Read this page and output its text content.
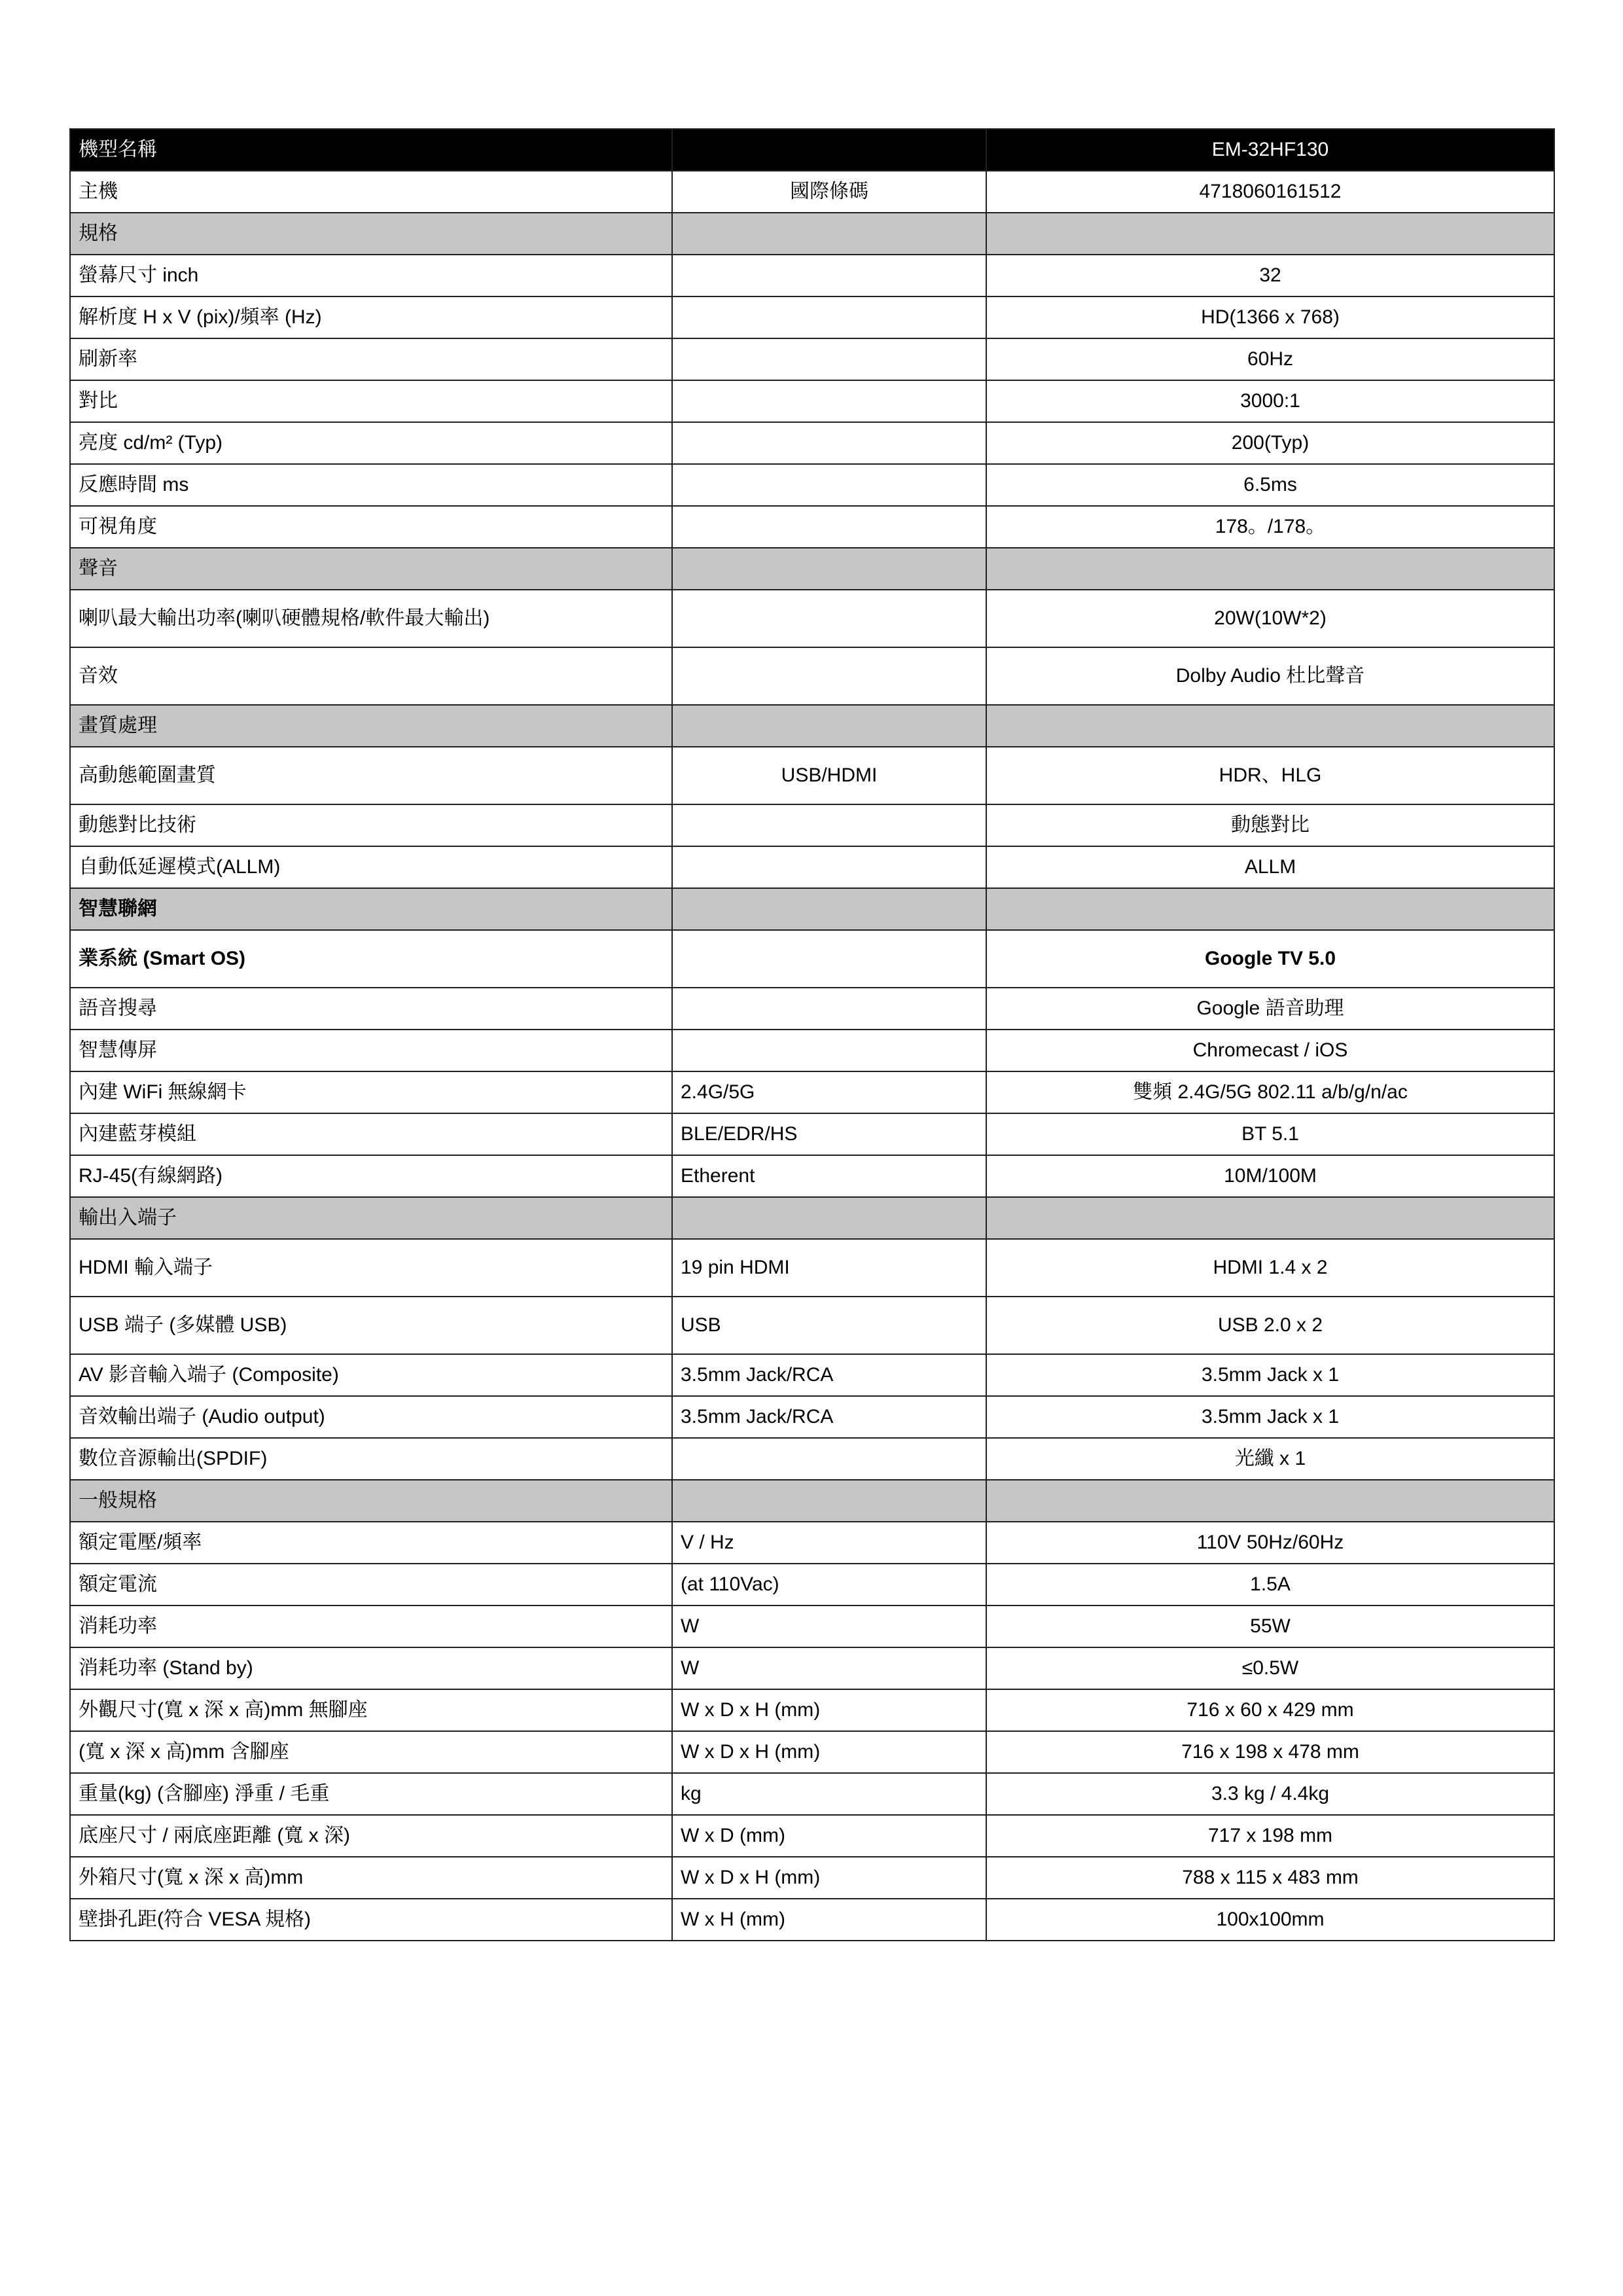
機型名稱		EM-32HF130
主機	國際條碼	4718060161512
規格		
螢幕尺寸 inch		32
解析度 H x V (pix)/頻率 (Hz)		HD(1366 x 768)
刷新率		60Hz
對比		3000:1
亮度 cd/m² (Typ)		200(Typ)
反應時間 ms		6.5ms
可視角度		178。/178。
聲音		
喇叭最大輸出功率(喇叭硬體規格/軟件最大輸出)		20W(10W*2)
音效		Dolby Audio 杜比聲音
畫質處理		
高動態範圍畫質	USB/HDMI	HDR、HLG
動態對比技術		動態對比
自動低延遲模式(ALLM)		ALLM
智慧聯網		
業系統 (Smart OS)		Google TV 5.0
語音搜尋		Google 語音助理
智慧傳屏		Chromecast / iOS
內建 WiFi 無線網卡	2.4G/5G	雙頻 2.4G/5G 802.11 a/b/g/n/ac
內建藍芽模組	BLE/EDR/HS	BT 5.1
RJ-45(有線網路)	Etherent	10M/100M
輸出入端子		
HDMI 輸入端子	19 pin HDMI	HDMI 1.4 x 2
USB 端子 (多媒體 USB)	USB	USB 2.0 x 2
AV 影音輸入端子 (Composite)	3.5mm Jack/RCA	3.5mm Jack x 1
音效輸出端子 (Audio output)	3.5mm Jack/RCA	3.5mm Jack x 1
數位音源輸出(SPDIF)		光纖 x 1
一般規格		
額定電壓/頻率	V / Hz	110V 50Hz/60Hz
額定電流	(at 110Vac)	1.5A
消耗功率	W	55W
消耗功率 (Stand by)	W	≤0.5W
外觀尺寸(寬 x 深 x 高)mm 無腳座	W x D x H (mm)	716 x 60 x 429 mm
(寬 x 深 x 高)mm 含腳座	W x D x H (mm)	716 x 198 x 478 mm
重量(kg) (含腳座) 淨重 / 毛重	kg	3.3 kg / 4.4kg
底座尺寸 / 兩底座距離 (寬 x 深)	W x D (mm)	717 x 198 mm
外箱尺寸(寬 x 深 x 高)mm	W x D x H (mm)	788 x 115 x 483 mm
壁掛孔距(符合 VESA 規格)	W x H (mm)	100x100mm
